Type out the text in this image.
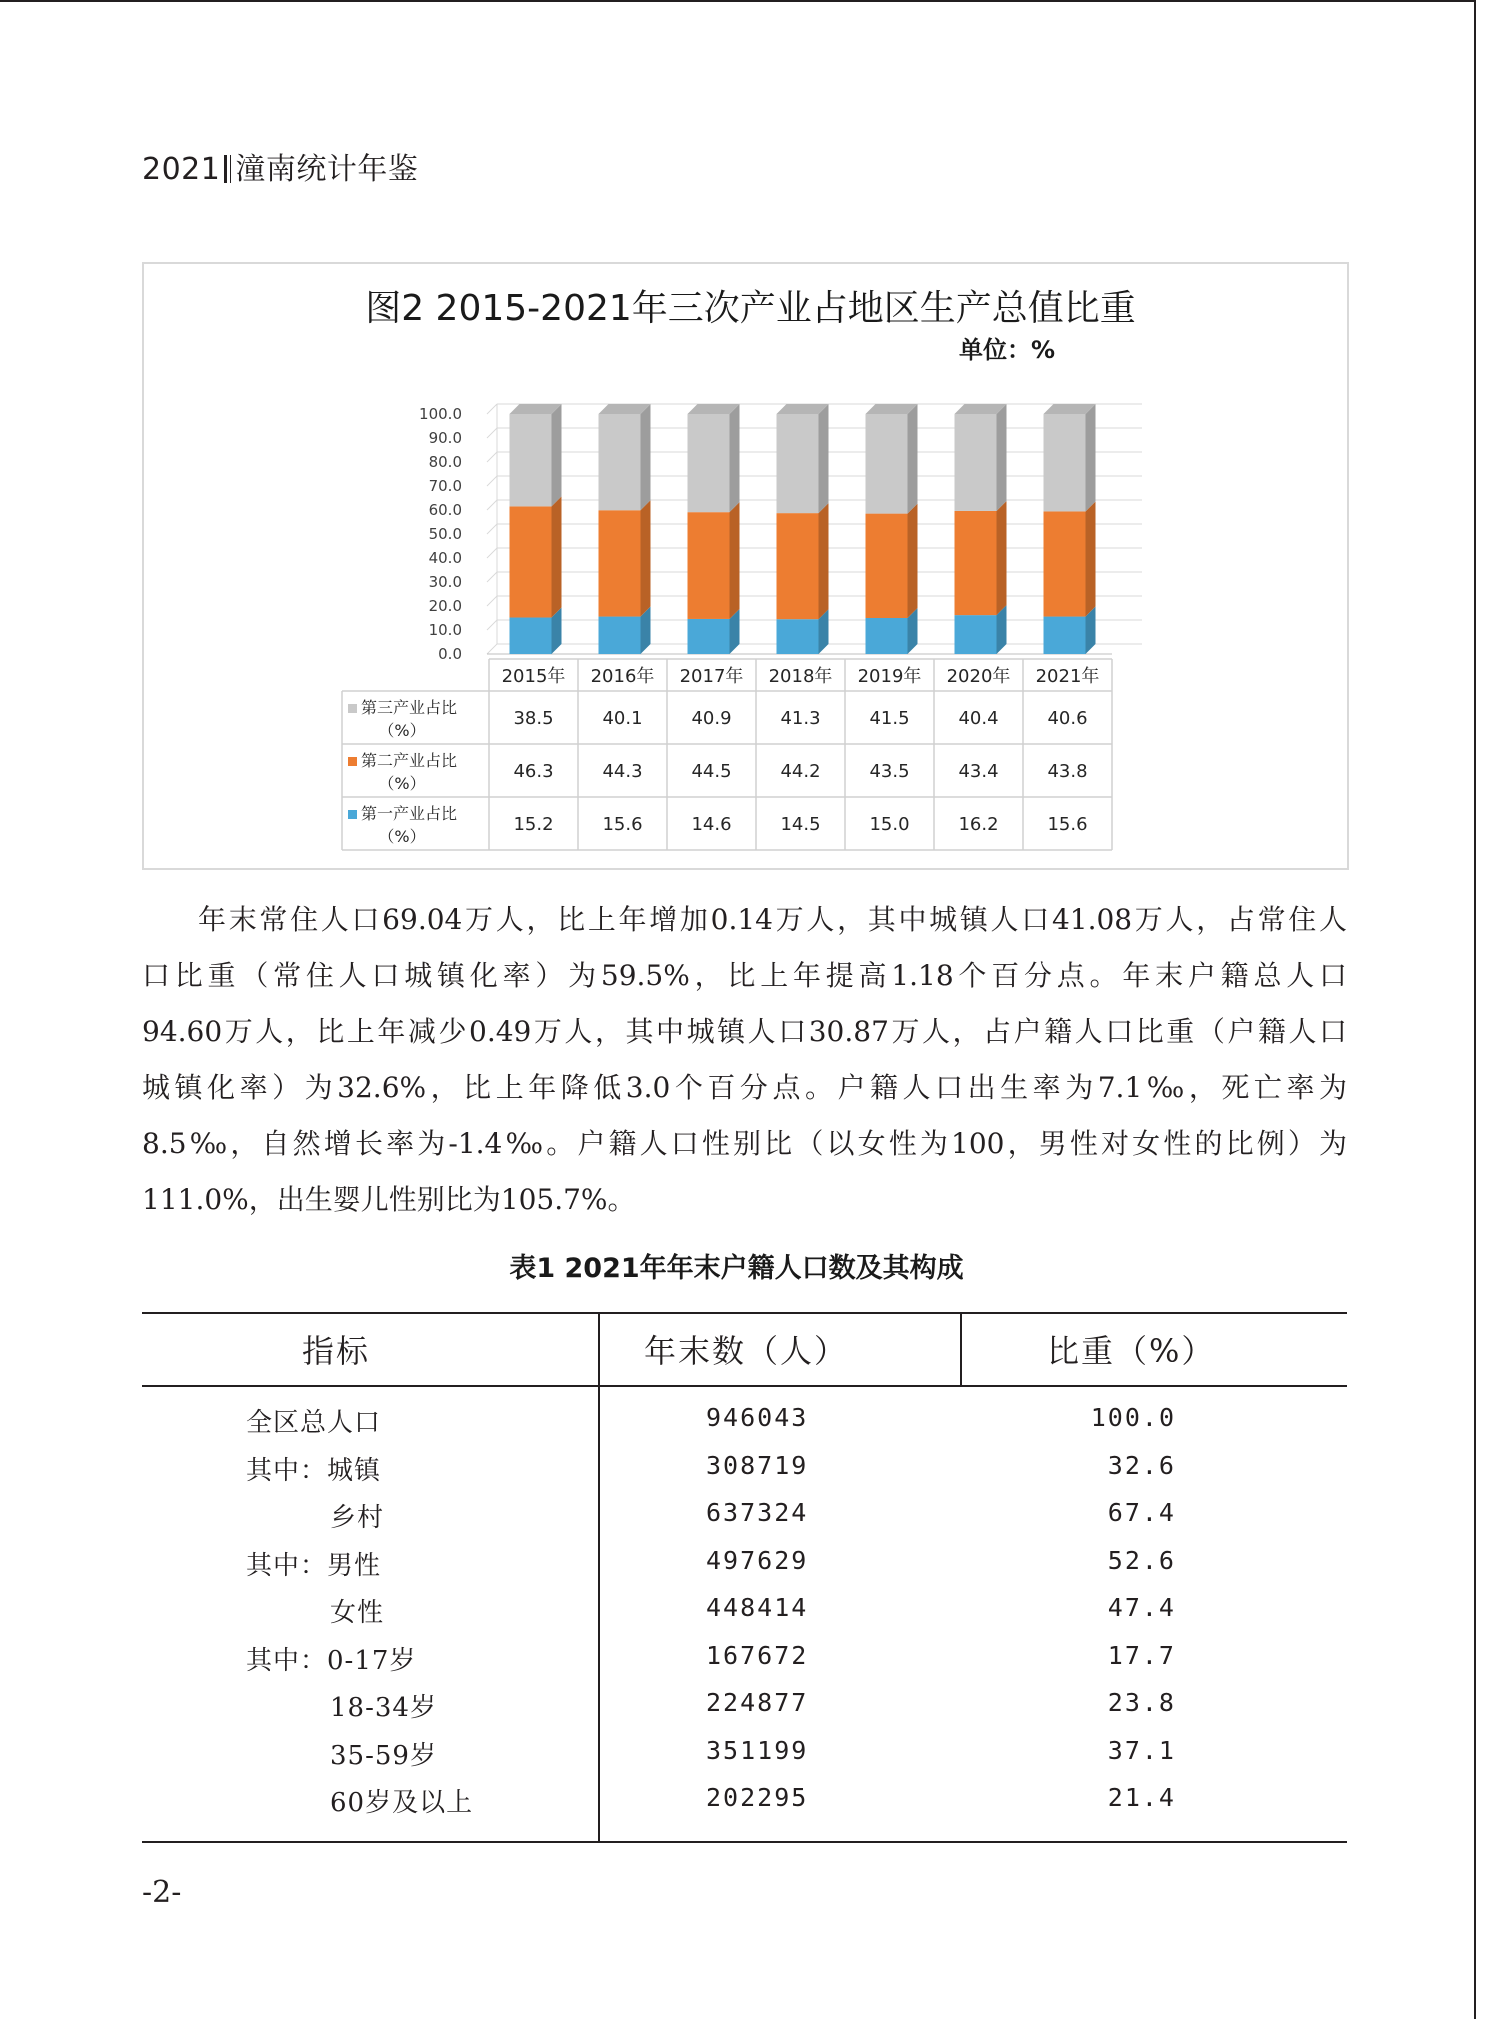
2021 潼南统计年鉴
图2 2015-2021年三次产业占地区生产总值比重
单位：%
0.0
10.0
20.0
30.0
40.0
50.0
60.0
70.0
80.0
90.0
100.0
2015年 2016年 2017年 2018年 2019年 2020年 2021年
第三产业占比
（%）
38.5	40.1	40.9	41.3	41.5	40.4	40.6
第二产业占比
（%）
46.3	44.3	44.5	44.2	43.5	43.4	43.8
第一产业占比
（%）
15.2	15.6	14.6	14.5	15.0	16.2	15.6
年末常住人口69.04万人，比上年增加0.14万人，其中城镇人口41.08万人，占常住人
口比重（常住人口城镇化率）为59.5%，比上年提高1.18个百分点。年末户籍总人口
94.60万人，比上年减少0.49万人，其中城镇人口30.87万人，占户籍人口比重（户籍人口
城镇化率）为32.6%，比上年降低3.0个百分点。户籍人口出生率为7.1‰，死亡率为
8.5‰，自然增长率为-1.4‰。户籍人口性别比（以女性为100，男性对女性的比例）为
111.0%，出生婴儿性别比为105.7%。
表1 2021年年末户籍人口数及其构成
指标	年末数（人）	比重（%）
全区总人口	946043	100.0
其中：城镇	308719	32.6
乡村	637324	67.4
其中：男性	497629	52.6
女性	448414	47.4
其中：0-17岁	167672	17.7
18-34岁	224877	23.8
35-59岁	351199	37.1
60岁及以上	202295	21.4
-2-
